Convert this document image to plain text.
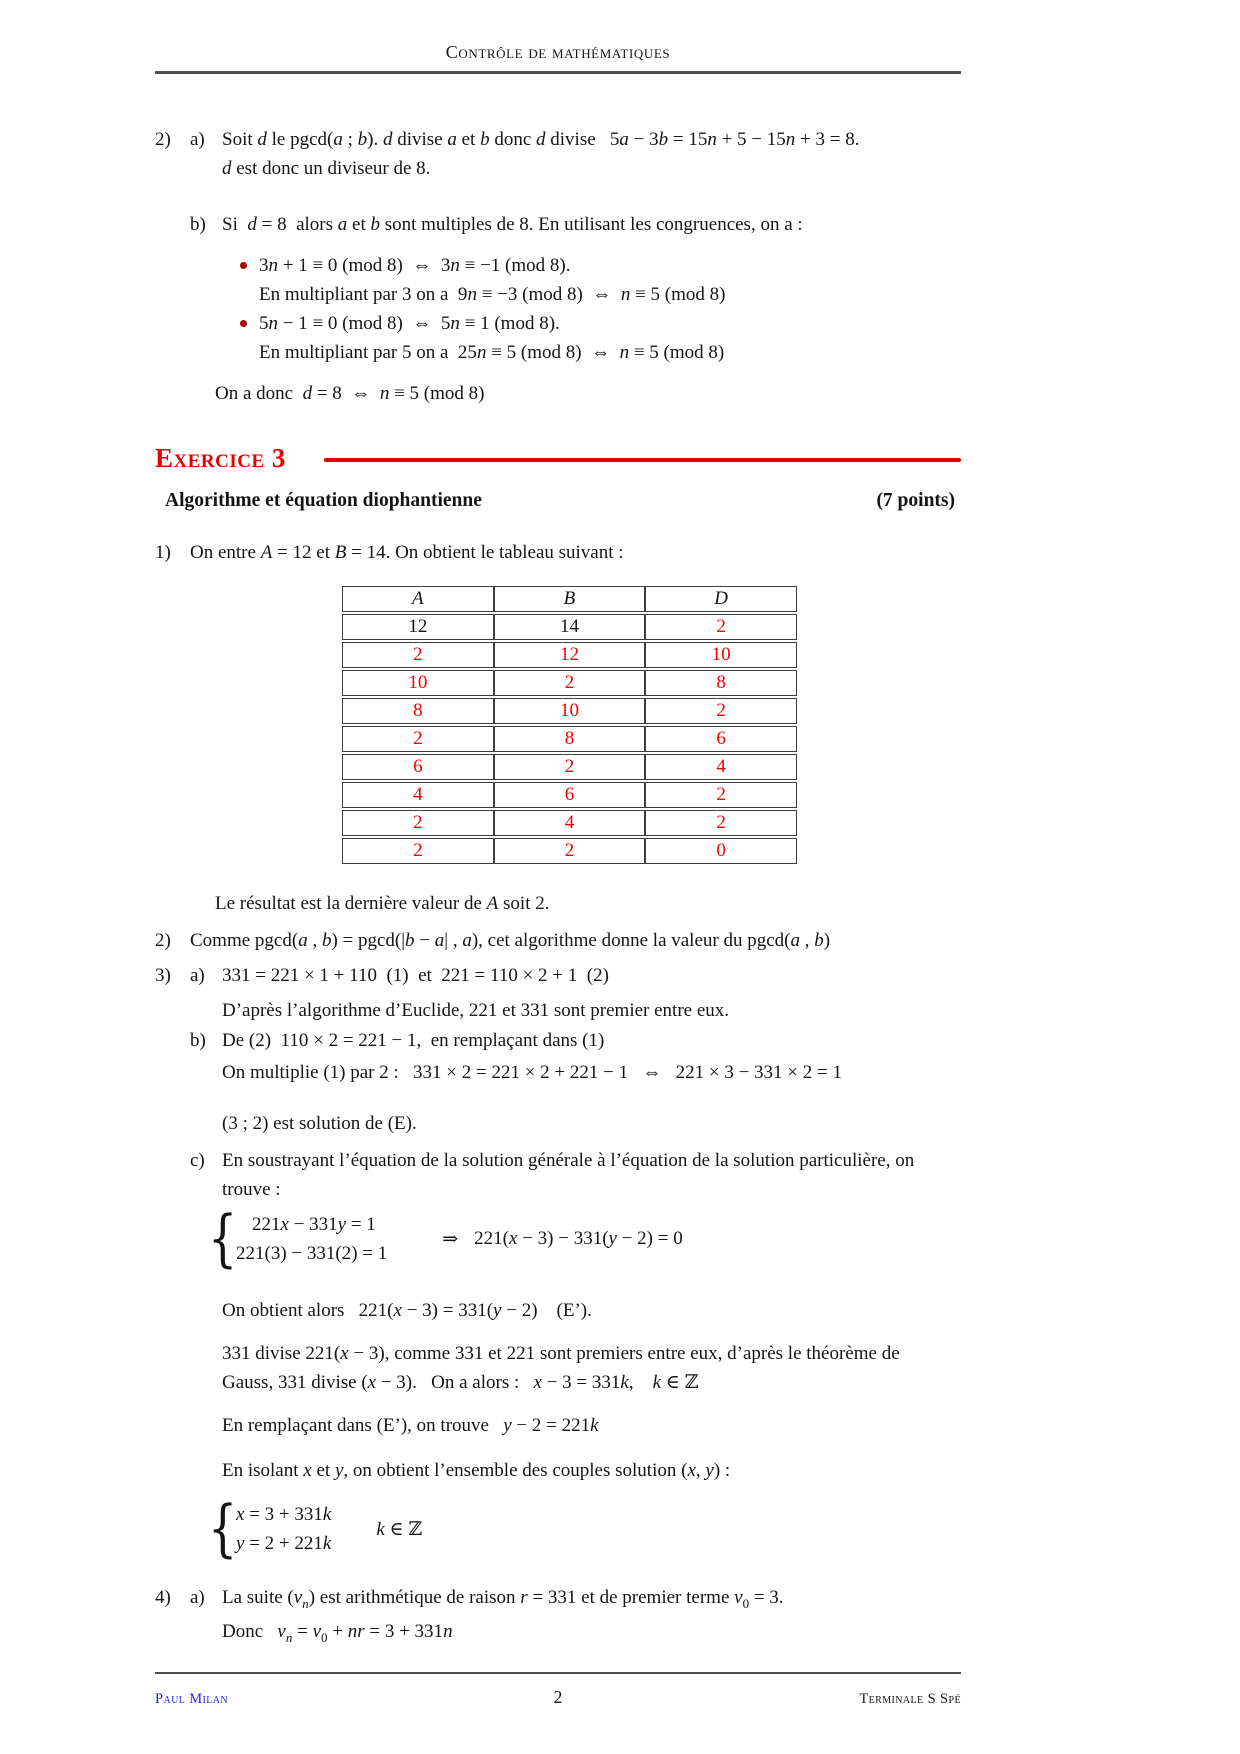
Contrôle de mathématiques
2)	a) Soit d le pgcd(a ; b). d divise a et b donc d divise   5a − 3b = 15n + 5 − 15n + 3 = 8.
d est donc un diviseur de 8.
b) Si  d = 8  alors a et b sont multiples de 8. En utilisant les congruences, on a :
3n + 1 ≡ 0 (mod 8)  ⇔  3n ≡ −1 (mod 8).
En multipliant par 3 on a  9n ≡ −3 (mod 8)  ⇔  n ≡ 5 (mod 8)
5n − 1 ≡ 0 (mod 8)  ⇔  5n ≡ 1 (mod 8).
En multipliant par 5 on a  25n ≡ 5 (mod 8)  ⇔  n ≡ 5 (mod 8)
On a donc  d = 8  ⇔  n ≡ 5 (mod 8)
Exercice 3
Algorithme et équation diophantienne	(7 points)
1)	On entre A = 12 et B = 14. On obtient le tableau suivant :
A	B	D
12	14	2
2	12	10
10	2	8
8	10	2
2	8	6
6	2	4
4	6	2
2	4	2
2	2	0
Le résultat est la dernière valeur de A soit 2.
2)	Comme pgcd(a , b) = pgcd(|b − a| , a), cet algorithme donne la valeur du pgcd(a , b)
3)	a) 331 = 221 × 1 + 110  (1)  et  221 = 110 × 2 + 1  (2)
D’après l’algorithme d’Euclide, 221 et 331 sont premier entre eux.
b) De (2)  110 × 2 = 221 − 1,  en remplaçant dans (1)
On multiplie (1) par 2 :   331 × 2 = 221 × 2 + 221 − 1   ⇔   221 × 3 − 331 × 2 = 1
(3 ; 2) est solution de (E).
c) En soustrayant l’équation de la solution générale à l’équation de la solution particulière, on
trouve :
{ 221x − 331y = 1
221(3) − 331(2) = 1
⇒ 221(x − 3) − 331(y − 2) = 0
On obtient alors   221(x − 3) = 331(y − 2)    (E’).
331 divise 221(x − 3), comme 331 et 221 sont premiers entre eux, d’après le théorème de
Gauss, 331 divise (x − 3).   On a alors :   x − 3 = 331k,    k ∈ ℤ
En remplaçant dans (E’), on trouve   y − 2 = 221k
En isolant x et y, on obtient l’ensemble des couples solution (x, y) :
{ x = 3 + 331k
y = 2 + 221k
k ∈ ℤ
4)	a) La suite $(v_n)$ est arithmétique de raison r = 331 et de premier terme $v_0 = 3$.
Donc   $v_n = v_0$ + nr = 3 + 331n
Paul Milan	2	Terminale S Spé
